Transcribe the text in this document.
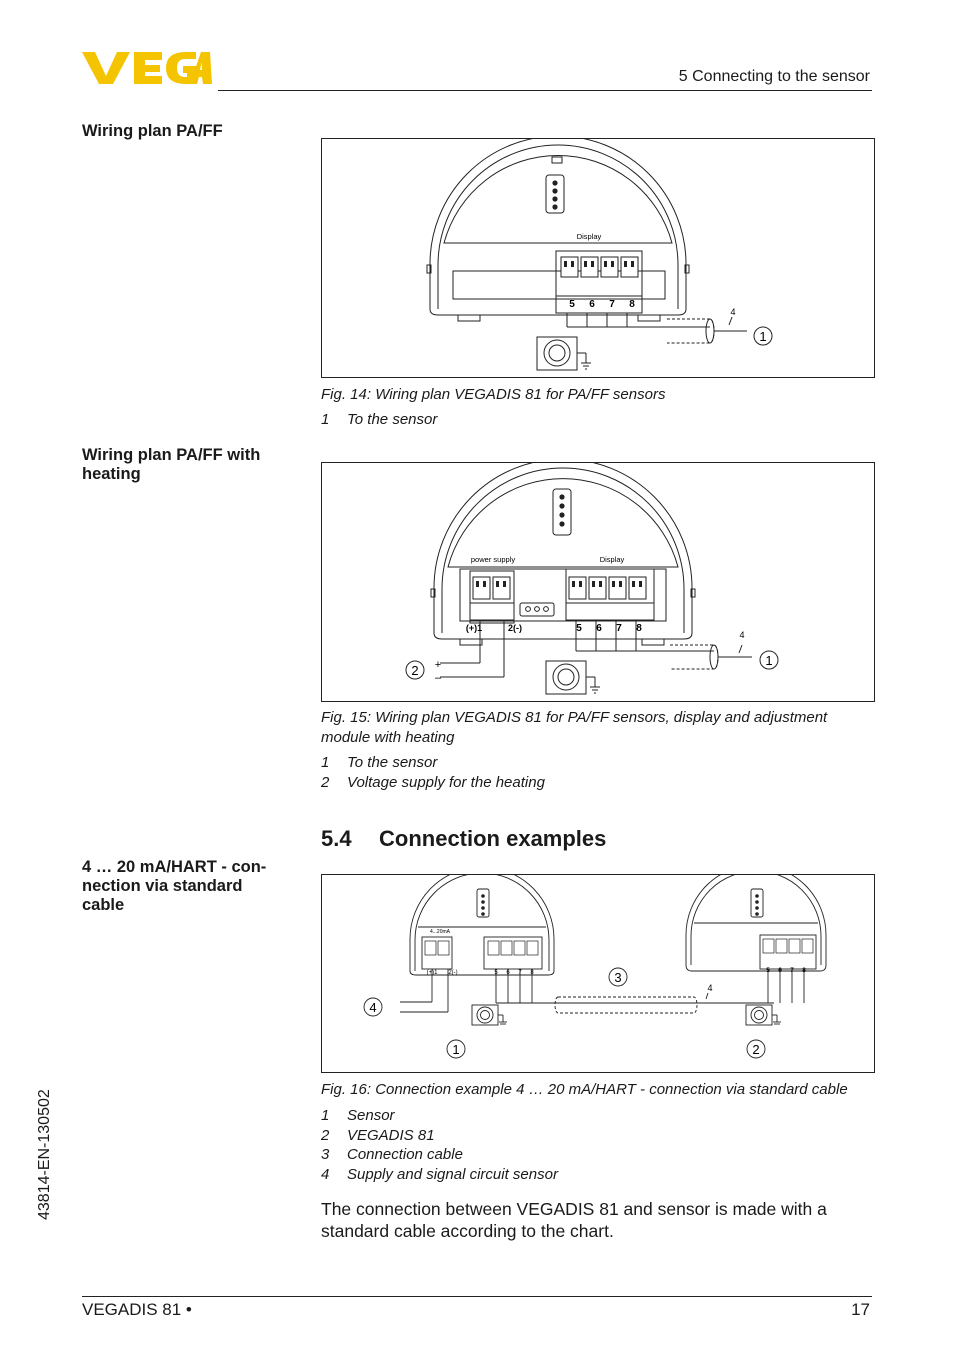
5 Connecting to the sensor
Wiring plan PA/FF
Wiring plan PA/FF with
heating
4 … 20 mA/HART - con-
nection via standard
cable
Display
5 6 7 8
4
1
Fig. 14: Wiring plan VEGADIS 81 for PA/FF sensors
1	To the sensor
power supply	Display
(+)1	2(-)	5 6 7 8
4
1
2 +
–
Fig. 15: Wiring plan VEGADIS 81 for PA/FF sensors, display and adjustment
module with heating
1	To the sensor
2	Voltage supply for the heating
5.4 Connection examples
4...20mA
(+)1 2(-)	5 6 7 8	5 6 7 8
4
3
4
1	2
Fig. 16: Connection example 4 … 20 mA/HART - connection via standard cable
1	Sensor
2	VEGADIS 81
3	Connection cable
4	Supply and signal circuit sensor
The connection between VEGADIS 81 and sensor is made with a standard cable according to the chart.
43814-EN-130502
VEGADIS 81 •	17
